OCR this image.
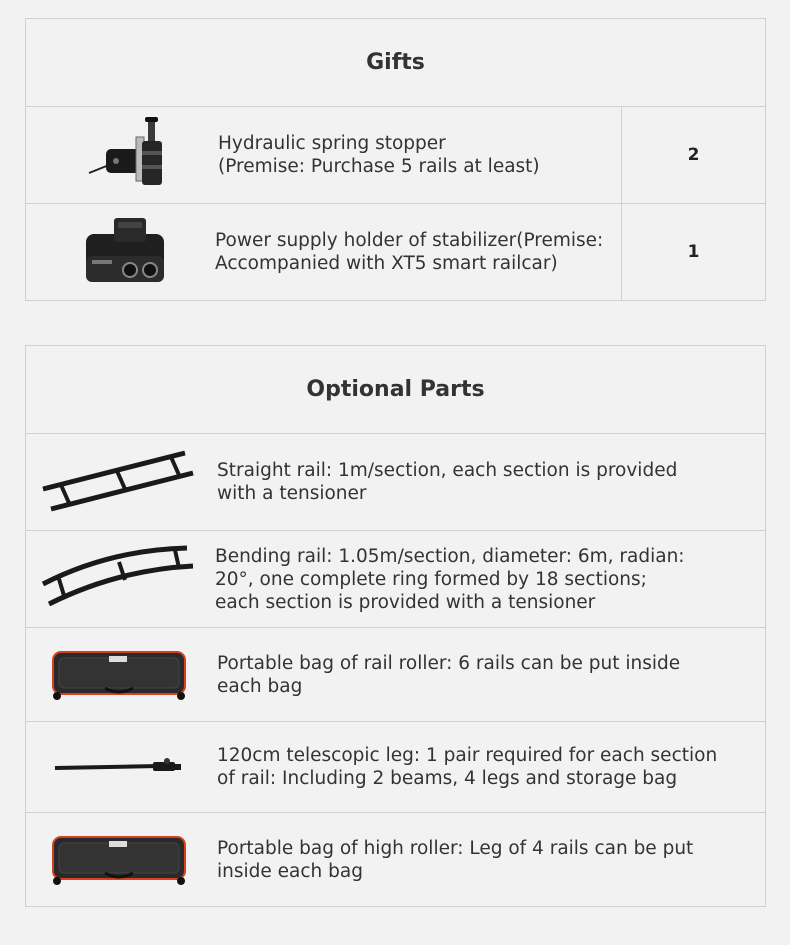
Gifts
Hydraulic spring stopper
(Premise: Purchase 5 rails at least)
2
Power supply holder of stabilizer(Premise:
Accompanied with XT5 smart railcar)
1
Optional Parts
Straight rail: 1m/section, each section is provided
with a tensioner
Bending rail: 1.05m/section, diameter: 6m, radian:
20°, one complete ring formed by 18 sections;
each section is provided with a tensioner
Portable bag of rail roller: 6 rails can be put inside
each bag
120cm telescopic leg: 1 pair required for each section
of rail: Including 2 beams, 4 legs and storage bag
Portable bag of high roller: Leg of 4 rails can be put
inside each bag
